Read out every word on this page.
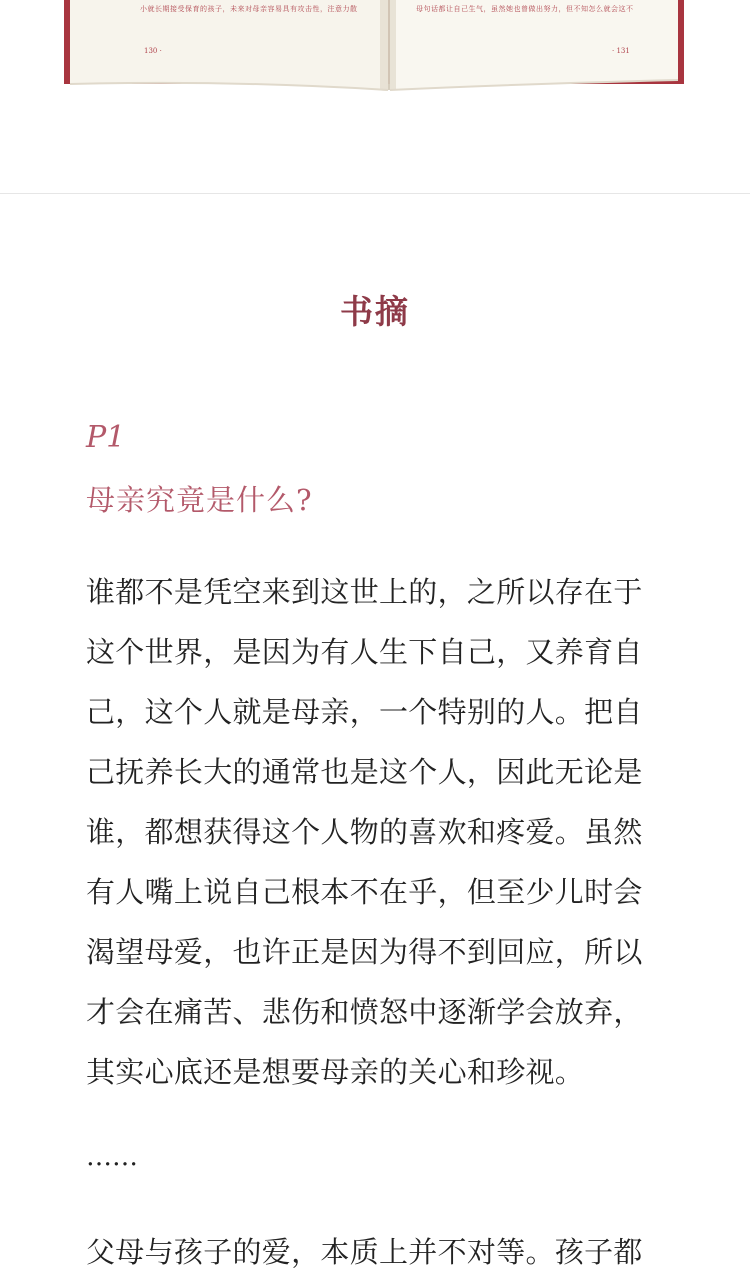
小就长期接受保育的孩子，未来对母亲容易具有攻击性，注意力散	母句话都让自己生气，虽然她也曾做出努力，但不知怎么就会这不
130 ·	· 131
书摘
P1
母亲究竟是什么?
谁都不是凭空来到这世上的，之所以存在于
这个世界，是因为有人生下自己，又养育自
己，这个人就是母亲，一个特别的人。把自
己抚养长大的通常也是这个人，因此无论是
谁，都想获得这个人物的喜欢和疼爱。虽然
有人嘴上说自己根本不在乎，但至少儿时会
渴望母爱，也许正是因为得不到回应，所以
才会在痛苦、悲伤和愤怒中逐渐学会放弃，
其实心底还是想要母亲的关心和珍视。
……
父母与孩子的爱，本质上并不对等。孩子都
